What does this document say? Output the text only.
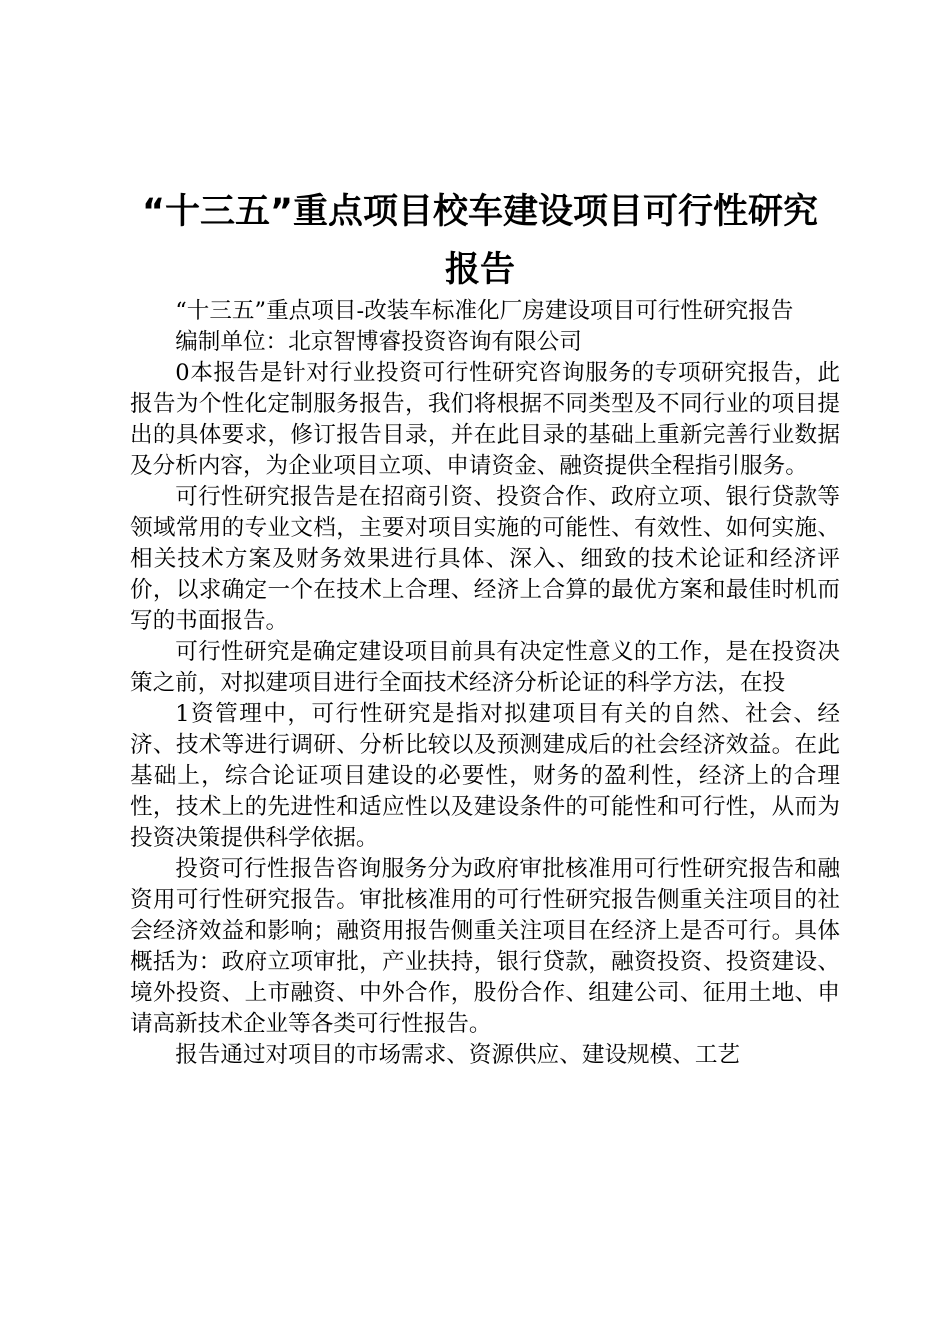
“十三五”重点项目校车建设项目可行性研究
报告

“十三五”重点项目-改装车标准化厂房建设项目可行性研究报告

编制单位：北京智博睿投资咨询有限公司

0本报告是针对行业投资可行性研究咨询服务的专项研究报告，此报告为个性化定制服务报告，我们将根据不同类型及不同行业的项目提出的具体要求，修订报告目录，并在此目录的基础上重新完善行业数据及分析内容，为企业项目立项、申请资金、融资提供全程指引服务。

可行性研究报告是在招商引资、投资合作、政府立项、银行贷款等领域常用的专业文档，主要对项目实施的可能性、有效性、如何实施、相关技术方案及财务效果进行具体、深入、细致的技术论证和经济评价，以求确定一个在技术上合理、经济上合算的最优方案和最佳时机而写的书面报告。

可行性研究是确定建设项目前具有决定性意义的工作，是在投资决策之前，对拟建项目进行全面技术经济分析论证的科学方法，在投

1资管理中，可行性研究是指对拟建项目有关的自然、社会、经济、技术等进行调研、分析比较以及预测建成后的社会经济效益。在此基础上，综合论证项目建设的必要性，财务的盈利性，经济上的合理性，技术上的先进性和适应性以及建设条件的可能性和可行性，从而为投资决策提供科学依据。

投资可行性报告咨询服务分为政府审批核准用可行性研究报告和融资用可行性研究报告。审批核准用的可行性研究报告侧重关注项目的社会经济效益和影响；融资用报告侧重关注项目在经济上是否可行。具体概括为：政府立项审批，产业扶持，银行贷款，融资投资、投资建设、境外投资、上市融资、中外合作，股份合作、组建公司、征用土地、申请高新技术企业等各类可行性报告。

报告通过对项目的市场需求、资源供应、建设规模、工艺
